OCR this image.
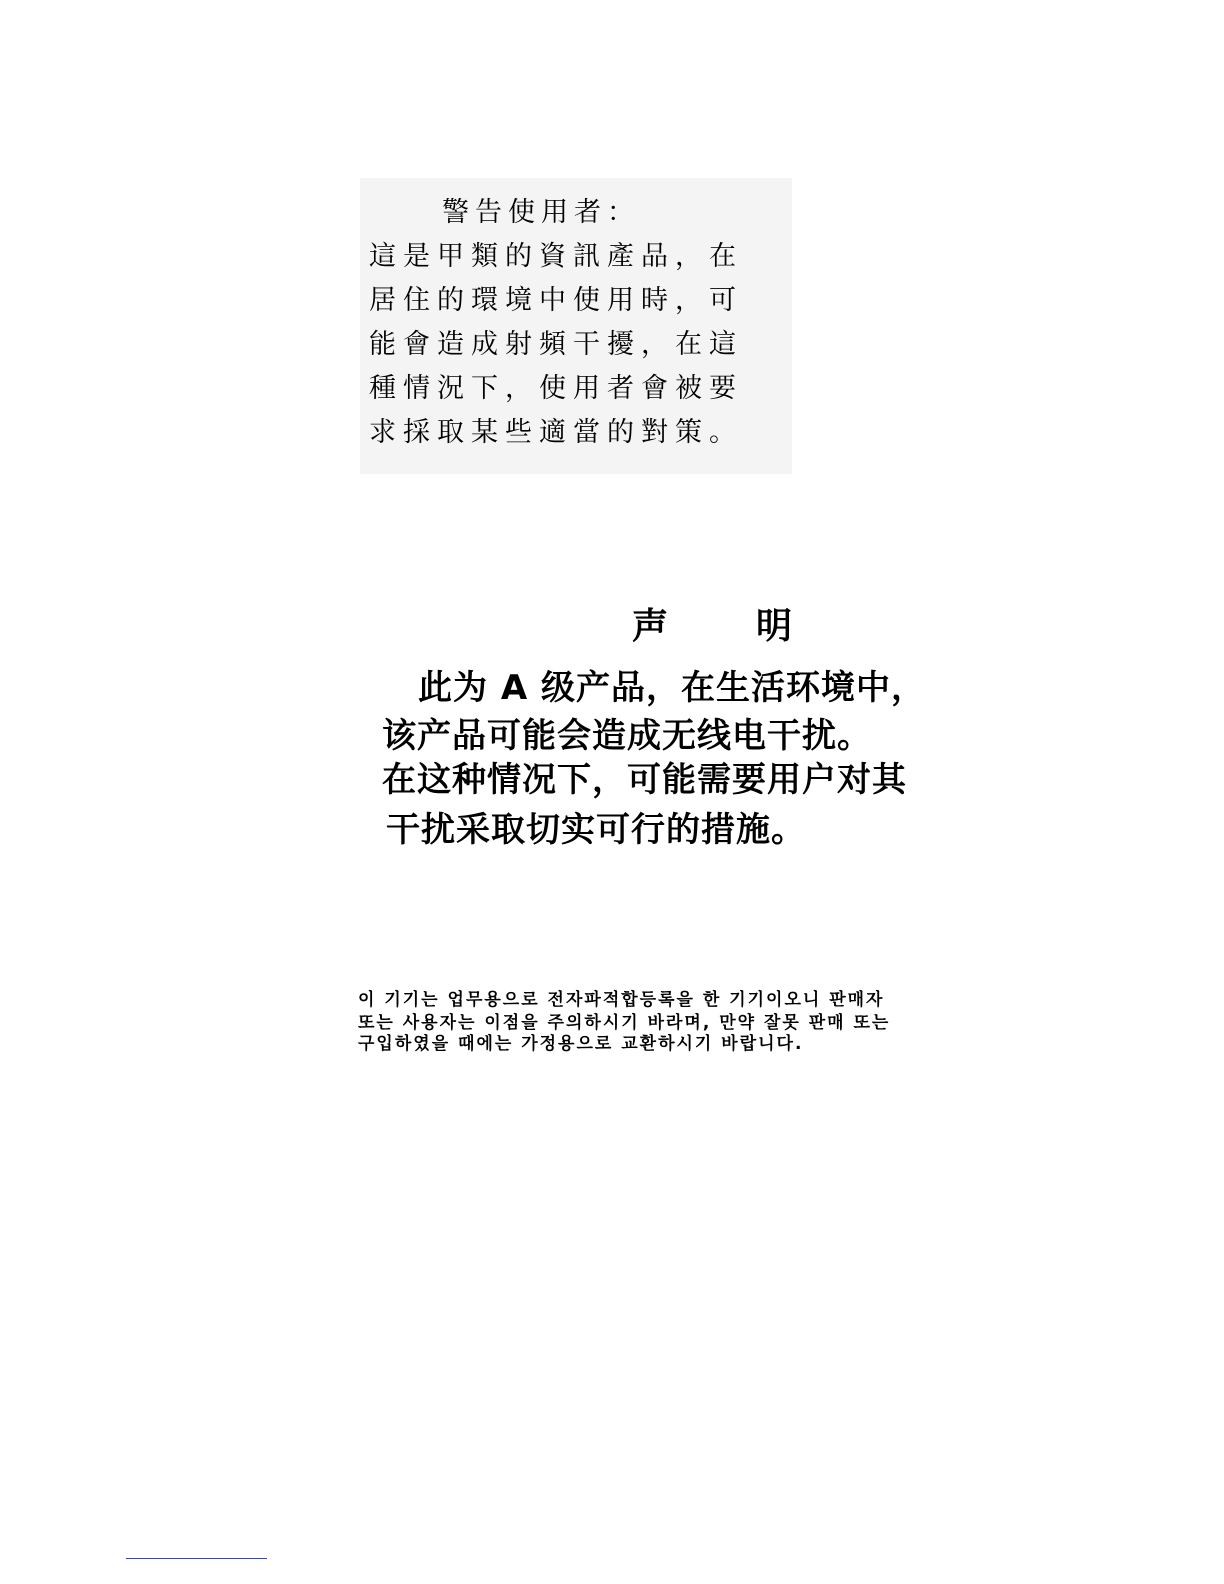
警告使用者：

這是甲類的資訊產品，在

居住的環境中使用時，可

能會造成射頻干擾，在這

種情況下，使用者會被要

求採取某些適當的對策。

声 明

此为 A 级产品，在生活环境中，

该产品可能会造成无线电干扰。

在这种情况下，可能需要用户对其

干扰采取切实可行的措施。

이 기기는 업무용으로 전자파적합등록을 한 기기이오니 판매자

또는 사용자는 이점을 주의하시기 바라며, 만약 잘못 판매 또는

구입하였을 때에는 가정용으로 교환하시기 바랍니다.
